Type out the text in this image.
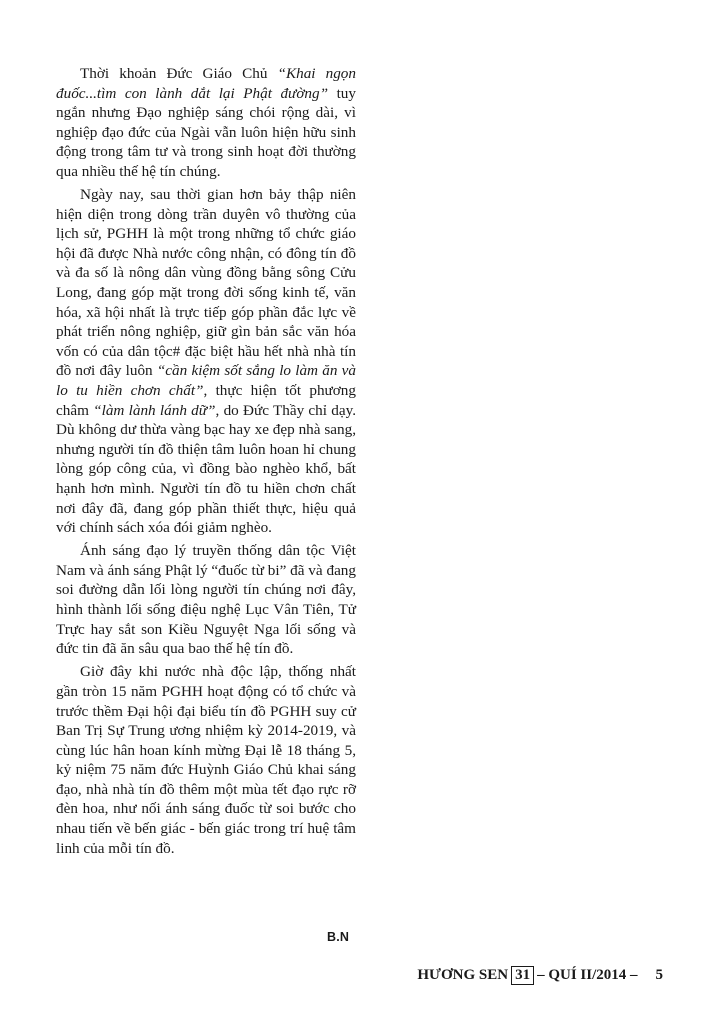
Thời khoản Đức Giáo Chủ “Khai ngọn đuốc...tìm con lành dắt lại Phật đường” tuy ngắn nhưng Đạo nghiệp sáng chói rộng dài, vì nghiệp đạo đức của Ngài vẫn luôn hiện hữu sinh động trong tâm tư và trong sinh hoạt đời thường qua nhiều thế hệ tín chúng.

Ngày nay, sau thời gian hơn bảy thập niên hiện diện trong dòng trần duyên vô thường của lịch sử, PGHH là một trong những tổ chức giáo hội đã được Nhà nước công nhận, có đông tín đồ và đa số là nông dân vùng đồng bằng sông Cửu Long, đang góp mặt trong đời sống kinh tế, văn hóa, xã hội nhất là trực tiếp góp phần đắc lực về phát triển nông nghiệp, giữ gìn bản sắc văn hóa vốn có của dân tộc# đặc biệt hầu hết nhà nhà tín đồ nơi đây luôn “cần kiệm sốt sắng lo làm ăn và lo tu hiền chơn chất”, thực hiện tốt phương châm “làm lành lánh dữ”, do Đức Thầy chỉ dạy. Dù không dư thừa vàng bạc hay xe đẹp nhà sang, nhưng người tín đồ thiện tâm luôn hoan hỉ chung lòng góp công của, vì đồng bào nghèo khổ, bất hạnh hơn mình. Người tín đồ tu hiền chơn chất nơi đây đã, đang góp phần thiết thực, hiệu quả với chính sách xóa đói giảm nghèo.

Ánh sáng đạo lý truyền thống dân tộc Việt Nam và ánh sáng Phật lý “đuốc từ bi” đã và đang soi đường dẫn lối lòng người tín chúng nơi đây, hình thành lối sống điệu nghệ Lục Vân Tiên, Tử Trực hay sắt son Kiều Nguyệt Nga lối sống và đức tin đã ăn sâu qua bao thế hệ tín đồ.

Giờ đây khi nước nhà độc lập, thống nhất gần tròn 15 năm PGHH hoạt động có tổ chức và trước thềm Đại hội đại biểu tín đồ PGHH suy cử Ban Trị Sự Trung ương nhiệm kỳ 2014-2019, và cùng lúc hân hoan kính mừng Đại lễ 18 tháng 5, kỷ niệm 75 năm đức Huỳnh Giáo Chủ khai sáng đạo, nhà nhà tín đồ thêm một mùa tết đạo rực rỡ đèn hoa, như nối ánh sáng đuốc từ soi bước cho nhau tiến về bến giác - bến giác trong trí huệ tâm linh của mỗi tín đồ.

B.N
HƯƠNG SEN 31 – QUÍ II/2014 – 5
